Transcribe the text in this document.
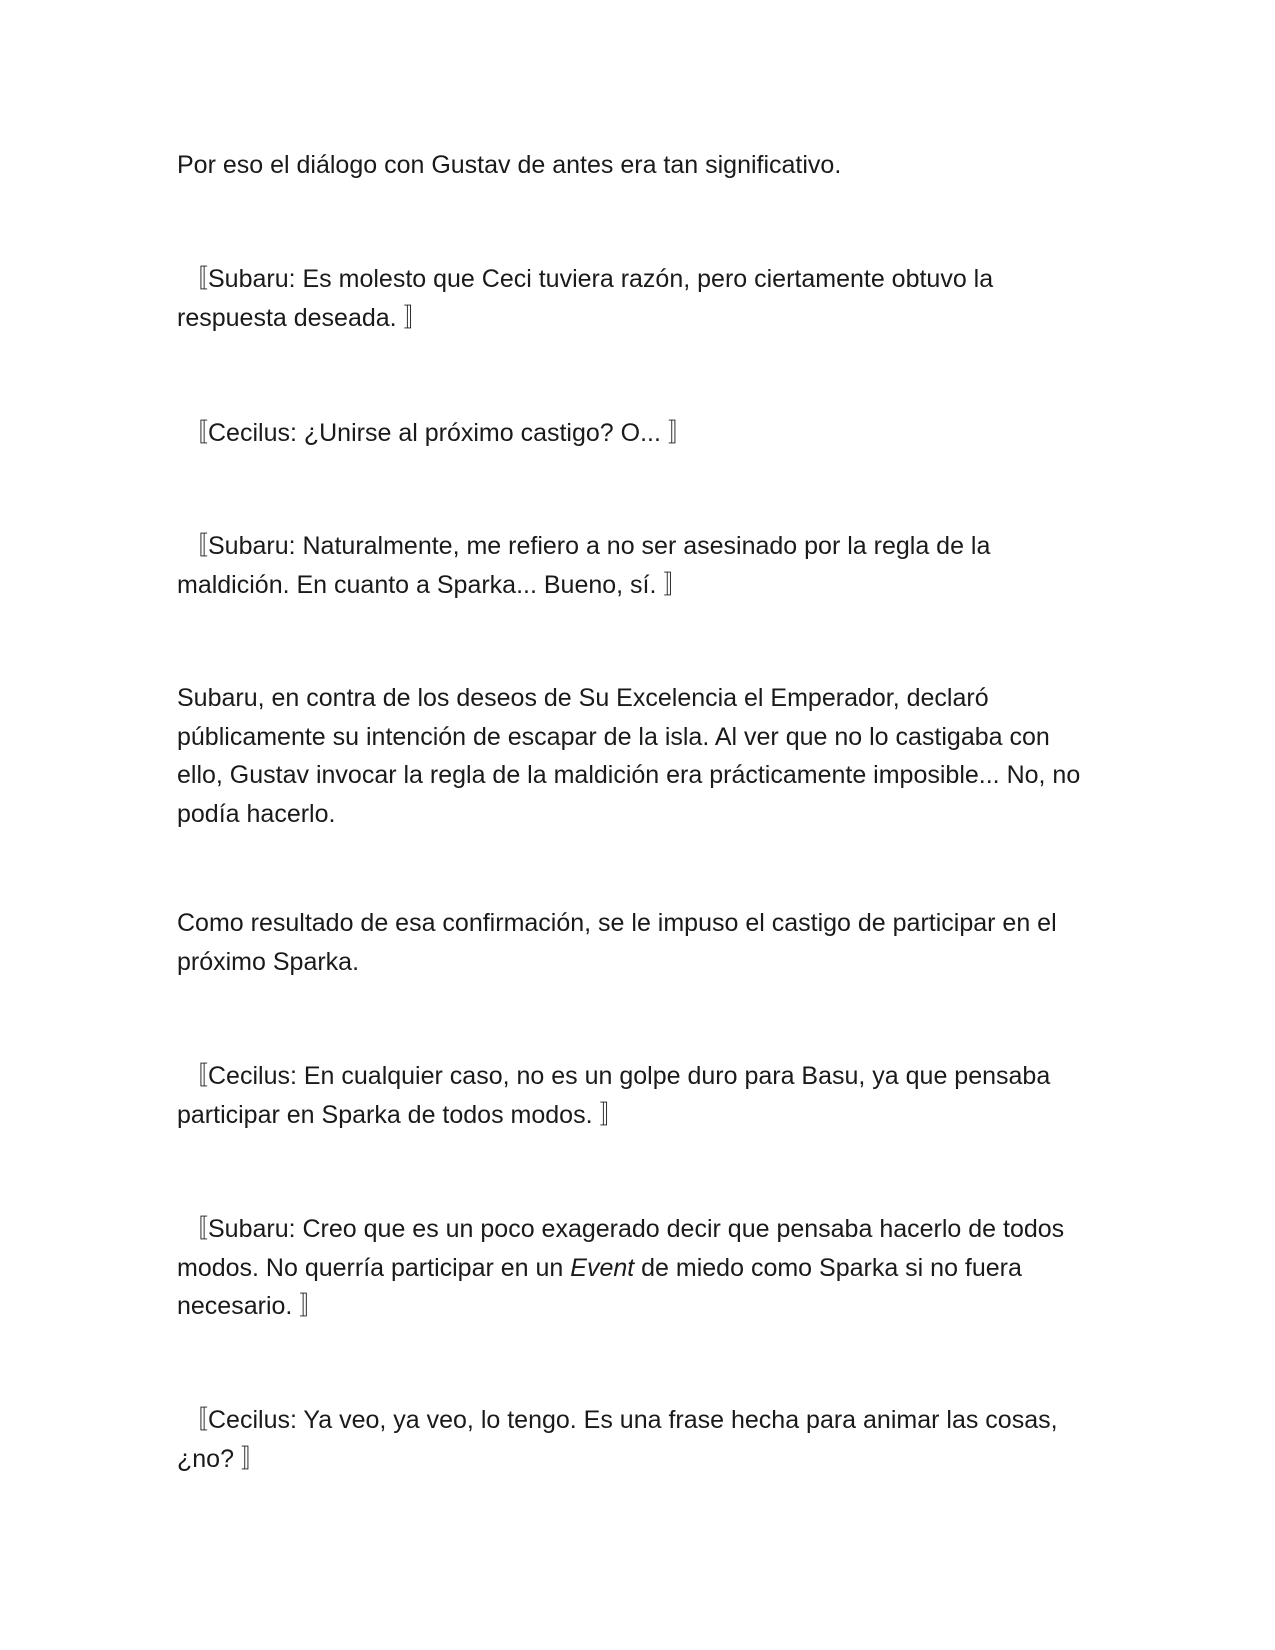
Por eso el diálogo con Gustav de antes era tan significativo.

〚Subaru: Es molesto que Ceci tuviera razón, pero ciertamente obtuvo la respuesta deseada. 〛

〚Cecilus: ¿Unirse al próximo castigo? O... 〛

〚Subaru: Naturalmente, me refiero a no ser asesinado por la regla de la maldición. En cuanto a Sparka... Bueno, sí. 〛

Subaru, en contra de los deseos de Su Excelencia el Emperador, declaró públicamente su intención de escapar de la isla. Al ver que no lo castigaba con ello, Gustav invocar la regla de la maldición era prácticamente imposible... No, no podía hacerlo.

Como resultado de esa confirmación, se le impuso el castigo de participar en el próximo Sparka.

〚Cecilus: En cualquier caso, no es un golpe duro para Basu, ya que pensaba participar en Sparka de todos modos. 〛

〚Subaru: Creo que es un poco exagerado decir que pensaba hacerlo de todos modos. No querría participar en un Event de miedo como Sparka si no fuera necesario. 〛

〚Cecilus: Ya veo, ya veo, lo tengo. Es una frase hecha para animar las cosas, ¿no? 〛
